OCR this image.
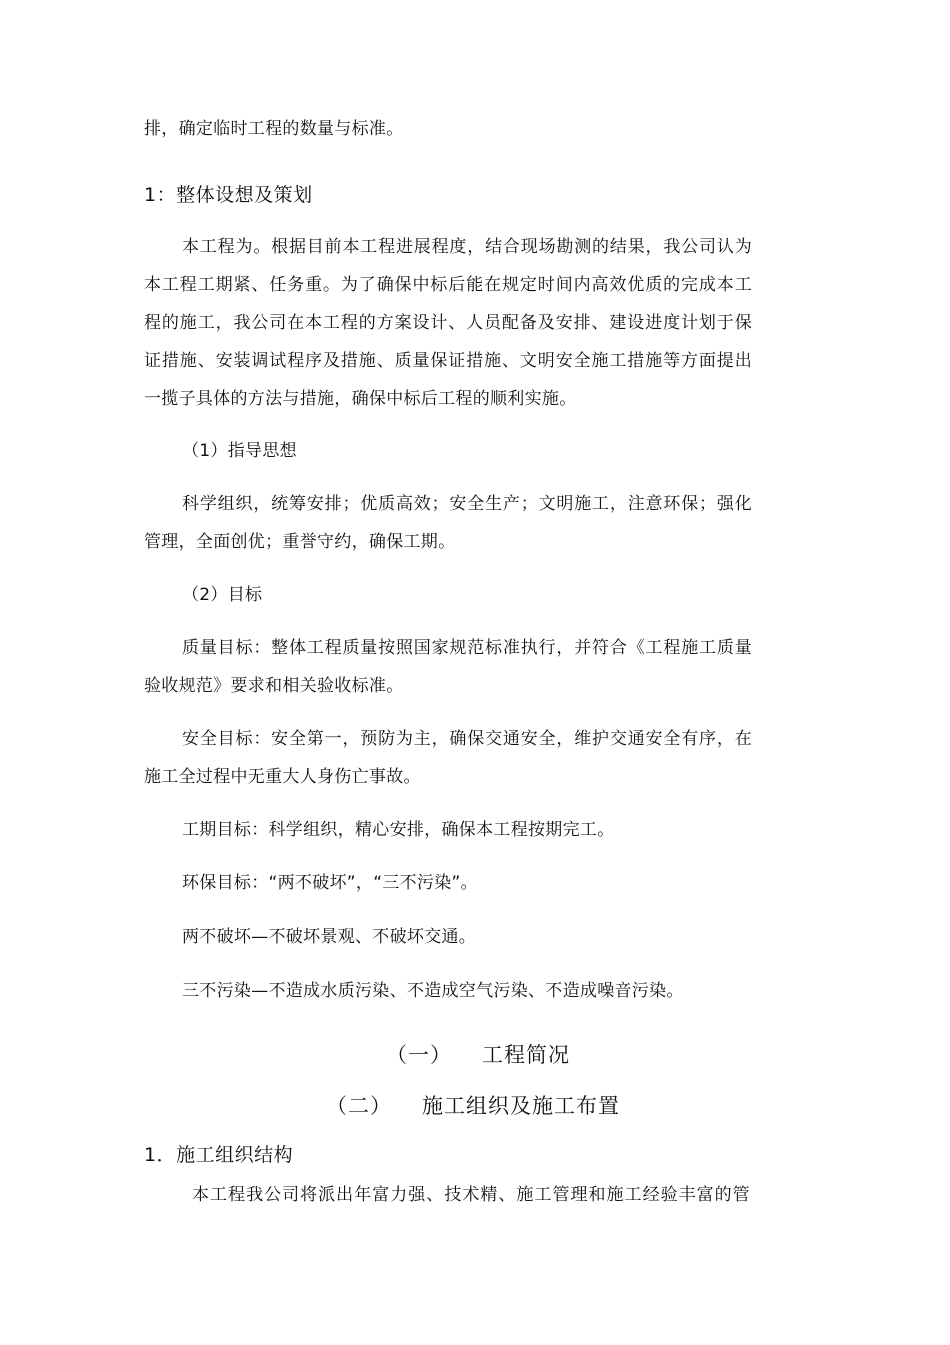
排，确定临时工程的数量与标准。
1：整体设想及策划
本工程为。根据目前本工程进展程度，结合现场勘测的结果，我公司认为
本工程工期紧、任务重。为了确保中标后能在规定时间内高效优质的完成本工
程的施工，我公司在本工程的方案设计、人员配备及安排、建设进度计划于保
证措施、安装调试程序及措施、质量保证措施、文明安全施工措施等方面提出
一揽子具体的方法与措施，确保中标后工程的顺利实施。
（1）指导思想
科学组织，统筹安排；优质高效；安全生产；文明施工，注意环保；强化
管理，全面创优；重誉守约，确保工期。
（2）目标
质量目标：整体工程质量按照国家规范标准执行，并符合《工程施工质量
验收规范》要求和相关验收标准。
安全目标：安全第一，预防为主，确保交通安全，维护交通安全有序，在
施工全过程中无重大人身伤亡事故。
工期目标：科学组织，精心安排，确保本工程按期完工。
环保目标：“两不破坏”，“三不污染”。
两不破坏—不破坏景观、不破坏交通。
三不污染—不造成水质污染、不造成空气污染、不造成噪音污染。
（一） 工程简况
（二） 施工组织及施工布置
1．施工组织结构
本工程我公司将派出年富力强、技术精、施工管理和施工经验丰富的管
